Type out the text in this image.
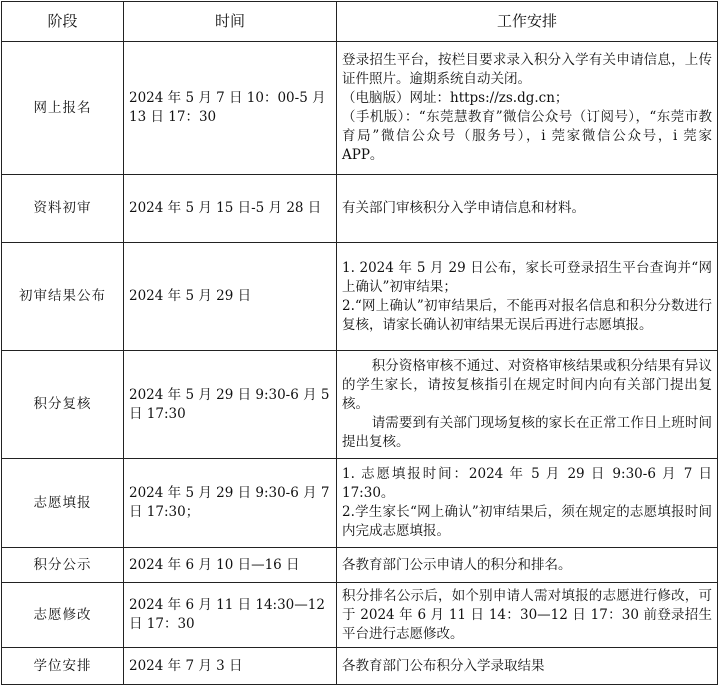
阶段	时间	工作安排
网上报名	2024 年 5 月 7 日 10：00-5 月 13 日 17：30	登录招生平台，按栏目要求录入积分入学有关申请信息，上传证件照片。逾期系统自动关闭。
（电脑版）网址：https://zs.dg.cn；
（手机版）：“东莞慧教育”微信公众号（订阅号），“东莞市教育局”微信公众号（服务号），i 莞家微信公众号，i 莞家 APP。

资料初审	2024 年 5 月 15 日-5 月 28 日	有关部门审核积分入学申请信息和材料。

初审结果公布	2024 年 5 月 29 日	1. 2024 年 5 月 29 日公布，家长可登录招生平台查询并“网上确认”初审结果；
2.“网上确认”初审结果后，不能再对报名信息和积分分数进行复核，请家长确认初审结果无误后再进行志愿填报。

积分复核	2024 年 5 月 29 日 9:30-6 月 5 日 17:30	积分资格审核不通过、对资格审核结果或积分结果有异议的学生家长，请按复核指引在规定时间内向有关部门提出复核。
请需要到有关部门现场复核的家长在正常工作日上班时间提出复核。

志愿填报	2024 年 5 月 29 日 9:30-6 月 7 日 17:30；	1. 志愿填报时间：2024 年 5 月 29 日 9:30-6 月 7 日 17:30。
2.学生家长“网上确认”初审结果后，须在规定的志愿填报时间内完成志愿填报。

积分公示	2024 年 6 月 10 日—16 日	各教育部门公示申请人的积分和排名。

志愿修改	2024 年 6 月 11 日 14:30—12 日 17：30	积分排名公示后，如个别申请人需对填报的志愿进行修改，可于 2024 年 6 月 11 日 14：30—12 日 17：30 前登录招生平台进行志愿修改。

学位安排	2024 年 7 月 3 日	各教育部门公布积分入学录取结果
